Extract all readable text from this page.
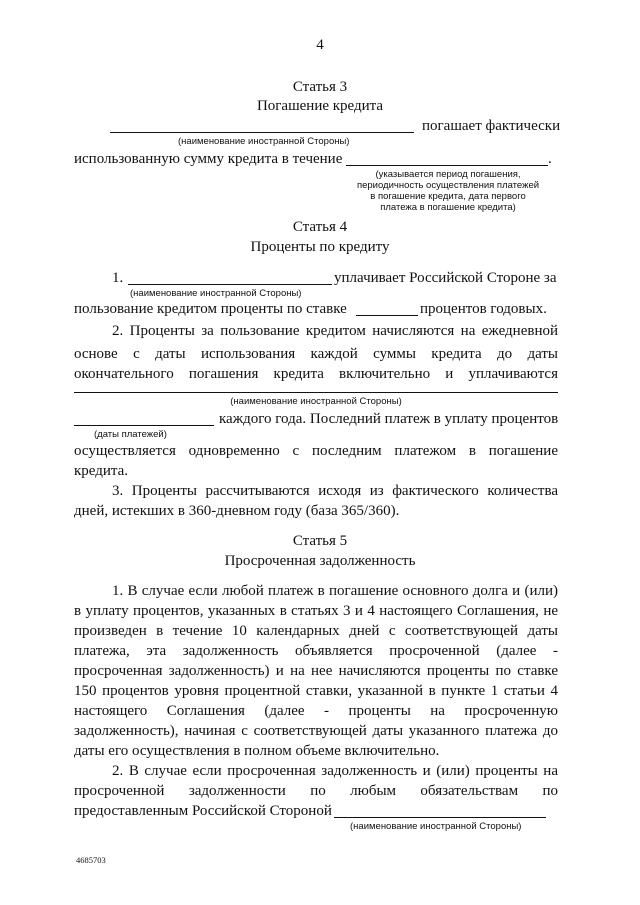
4
Статья 3
Погашение кредита
погашает фактически
(наименование иностранной Стороны)
использованную сумму кредита в течение	.
(указывается период погашения,
периодичность осуществления платежей
в погашение кредита, дата первого
платежа в погашение кредита)
Статья 4
Проценты по кредиту
1.	уплачивает Российской Стороне за
(наименование иностранной Стороны)
пользование кредитом проценты по ставке	процентов годовых.
2. Проценты за пользование кредитом начисляются на ежедневной
основе с даты использования каждой суммы кредита до даты
окончательного погашения кредита включительно и уплачиваются
(наименование иностранной Стороны)
каждого года. Последний платеж в уплату процентов
(даты платежей)
осуществляется одновременно с последним платежом в погашение
кредита.
3. Проценты рассчитываются исходя из фактического количества
дней, истекших в 360-дневном году (база 365/360).
Статья 5
Просроченная задолженность
1. В случае если любой платеж в погашение основного долга и (или)
в уплату процентов, указанных в статьях 3 и 4 настоящего Соглашения, не
произведен в течение 10 календарных дней с соответствующей даты
платежа, эта задолженность объявляется просроченной (далее -
просроченная задолженность) и на нее начисляются проценты по ставке
150 процентов уровня процентной ставки, указанной в пункте 1 статьи 4
настоящего Соглашения (далее - проценты на просроченную
задолженность), начиная с соответствующей даты указанного платежа до
даты его осуществления в полном объеме включительно.
2. В случае если просроченная задолженность и (или) проценты на
просроченной задолженности по любым обязательствам по
предоставленным Российской Стороной
(наименование иностранной Стороны)
4685703
